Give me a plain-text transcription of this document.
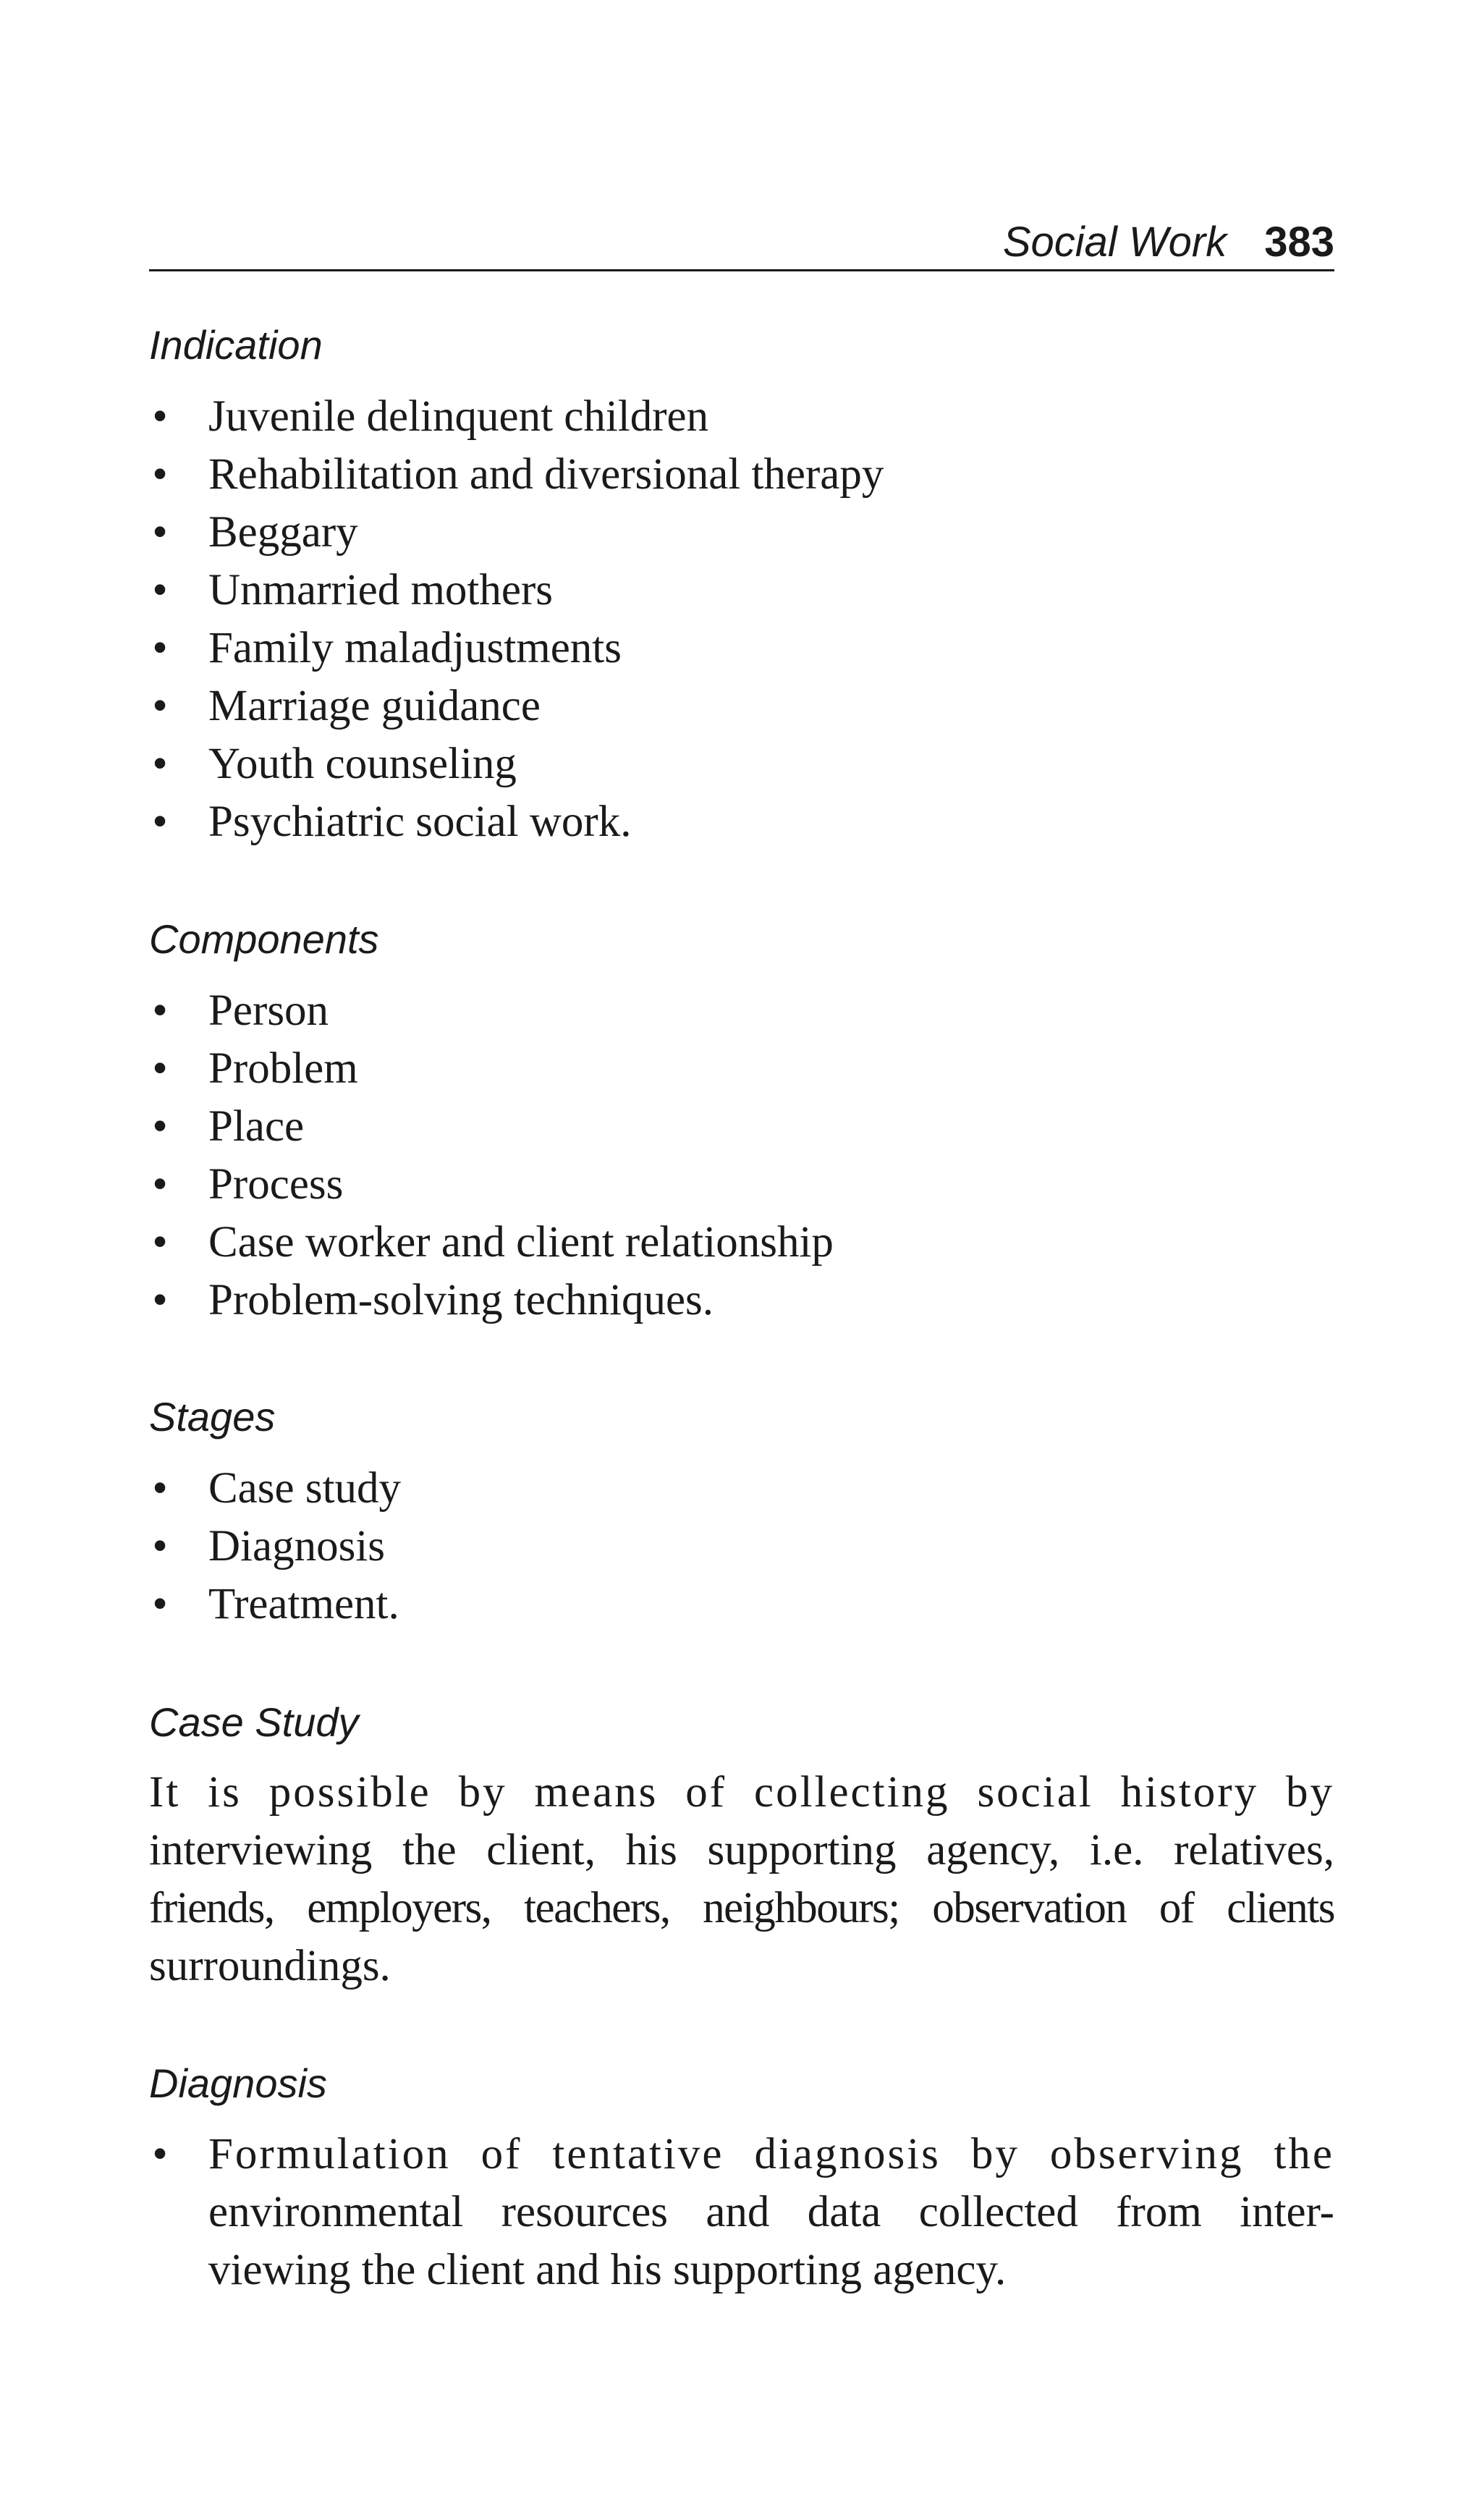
Social Work 383
Indication
• Juvenile delinquent children
• Rehabilitation and diversional therapy
• Beggary
• Unmarried mothers
• Family maladjustments
• Marriage guidance
• Youth counseling
• Psychiatric social work.
Components
• Person
• Problem
• Place
• Process
• Case worker and client relationship
• Problem-solving techniques.
Stages
• Case study
• Diagnosis
• Treatment.
Case Study
It is possible by means of collecting social history by
interviewing the client, his supporting agency, i.e. relatives,
friends, employers, teachers, neighbours; observation of clients
surroundings.
Diagnosis
• Formulation of tentative diagnosis by observing the
environmental resources and data collected from inter-
viewing the client and his supporting agency.
